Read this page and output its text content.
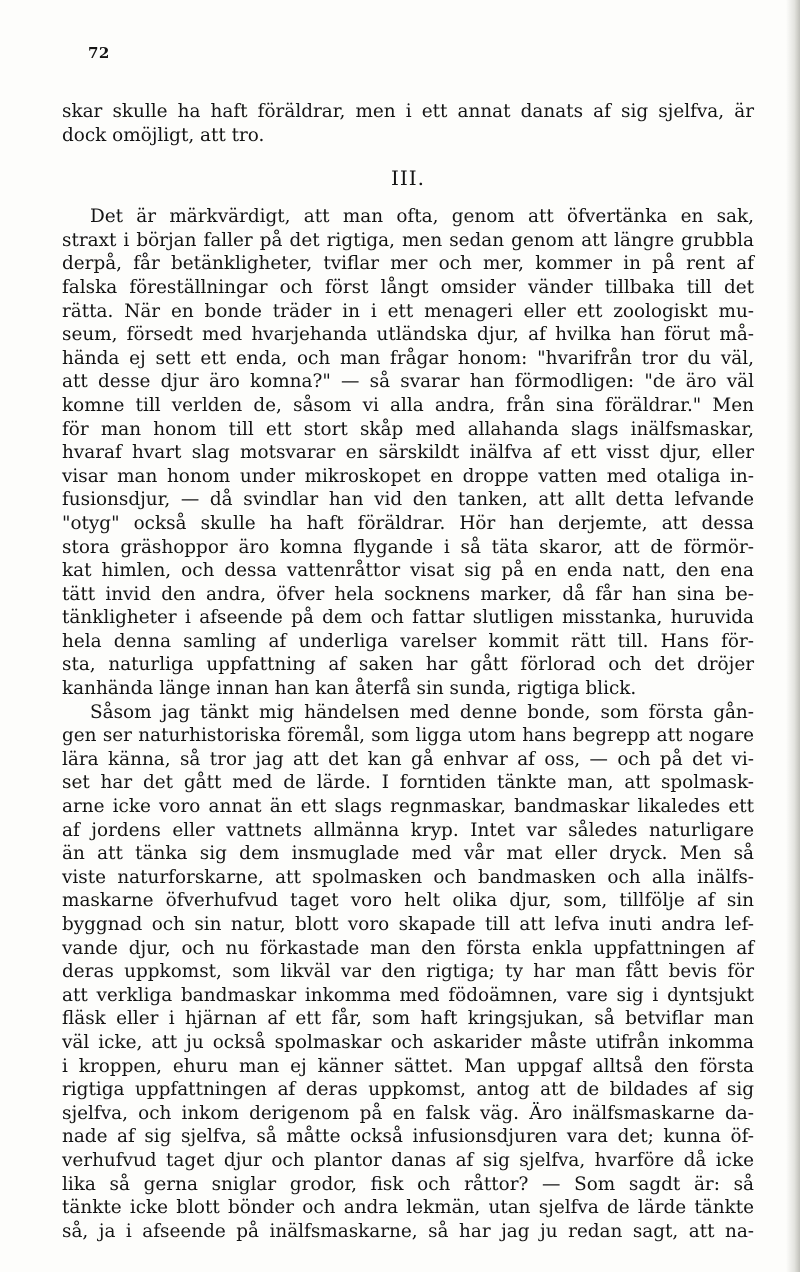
72
skar skulle ha haft föräldrar, men i ett annat danats af sig sjelfva, är
dock omöjligt, att tro.
III.
Det är märkvärdigt, att man ofta, genom att öfvertänka en sak,
straxt i början faller på det rigtiga, men sedan genom att längre grubbla
derpå, får betänkligheter, tviflar mer och mer, kommer in på rent af
falska föreställningar och först långt omsider vänder tillbaka till det
rätta. När en bonde träder in i ett menageri eller ett zoologiskt mu-
seum, försedt med hvarjehanda utländska djur, af hvilka han förut må-
hända ej sett ett enda, och man frågar honom: "hvarifrån tror du väl,
att desse djur äro komna?" — så svarar han förmodligen: "de äro väl
komne till verlden de, såsom vi alla andra, från sina föräldrar." Men
för man honom till ett stort skåp med allahanda slags inälfsmaskar,
hvaraf hvart slag motsvarar en särskildt inälfva af ett visst djur, eller
visar man honom under mikroskopet en droppe vatten med otaliga in-
fusionsdjur, — då svindlar han vid den tanken, att allt detta lefvande
"otyg" också skulle ha haft föräldrar. Hör han derjemte, att dessa
stora gräshoppor äro komna flygande i så täta skaror, att de förmör-
kat himlen, och dessa vattenråttor visat sig på en enda natt, den ena
tätt invid den andra, öfver hela socknens marker, då får han sina be-
tänkligheter i afseende på dem och fattar slutligen misstanka, huruvida
hela denna samling af underliga varelser kommit rätt till. Hans för-
sta, naturliga uppfattning af saken har gått förlorad och det dröjer
kanhända länge innan han kan återfå sin sunda, rigtiga blick.
Såsom jag tänkt mig händelsen med denne bonde, som första gån-
gen ser naturhistoriska föremål, som ligga utom hans begrepp att nogare
lära känna, så tror jag att det kan gå enhvar af oss, — och på det vi-
set har det gått med de lärde. I forntiden tänkte man, att spolmask-
arne icke voro annat än ett slags regnmaskar, bandmaskar likaledes ett
af jordens eller vattnets allmänna kryp. Intet var således naturligare
än att tänka sig dem insmuglade med vår mat eller dryck. Men så
viste naturforskarne, att spolmasken och bandmasken och alla inälfs-
maskarne öfverhufvud taget voro helt olika djur, som, tillfölje af sin
byggnad och sin natur, blott voro skapade till att lefva inuti andra lef-
vande djur, och nu förkastade man den första enkla uppfattningen af
deras uppkomst, som likväl var den rigtiga; ty har man fått bevis för
att verkliga bandmaskar inkomma med födoämnen, vare sig i dyntsjukt
fläsk eller i hjärnan af ett får, som haft kringsjukan, så betviflar man
väl icke, att ju också spolmaskar och askarider måste utifrån inkomma
i kroppen, ehuru man ej känner sättet. Man uppgaf alltså den första
rigtiga uppfattningen af deras uppkomst, antog att de bildades af sig
sjelfva, och inkom derigenom på en falsk väg. Äro inälfsmaskarne da-
nade af sig sjelfva, så måtte också infusionsdjuren vara det; kunna öf-
verhufvud taget djur och plantor danas af sig sjelfva, hvarföre då icke
lika så gerna sniglar grodor, fisk och råttor? — Som sagdt är: så
tänkte icke blott bönder och andra lekmän, utan sjelfva de lärde tänkte
så, ja i afseende på inälfsmaskarne, så har jag ju redan sagt, att na-
